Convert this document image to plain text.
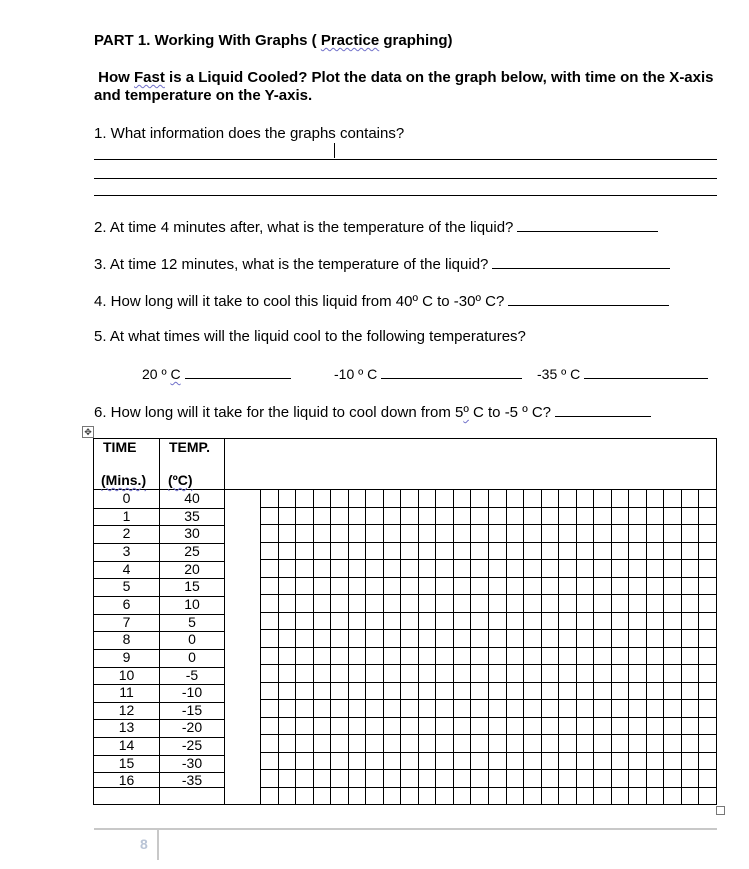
PART 1. Working With Graphs ( Practice graphing)
How Fast is a Liquid Cooled? Plot the data on the graph below, with time on the X-axis and temperature on the Y-axis.
1. What information does the graphs contains?
2. At time 4 minutes after, what is the temperature of the liquid?
3. At time 12 minutes, what is the temperature of the liquid?
4. How long will it take to cool this liquid from 40º C to -30º C?
5. At what times will the liquid cool to the following temperatures?
20 º C	-10 º C	-35 º C
6. How long will it take for the liquid to cool down from 5º C to -5 º C?
✥
TIME TEMP.
(Mins.) (ºC)
0	40
1	35
2	30
3	25
4	20
5	15
6	10
7	5
8	0
9	0
10	-5
11	-10
12	-15
13	-20
14	-25
15	-30
16	-35
8
